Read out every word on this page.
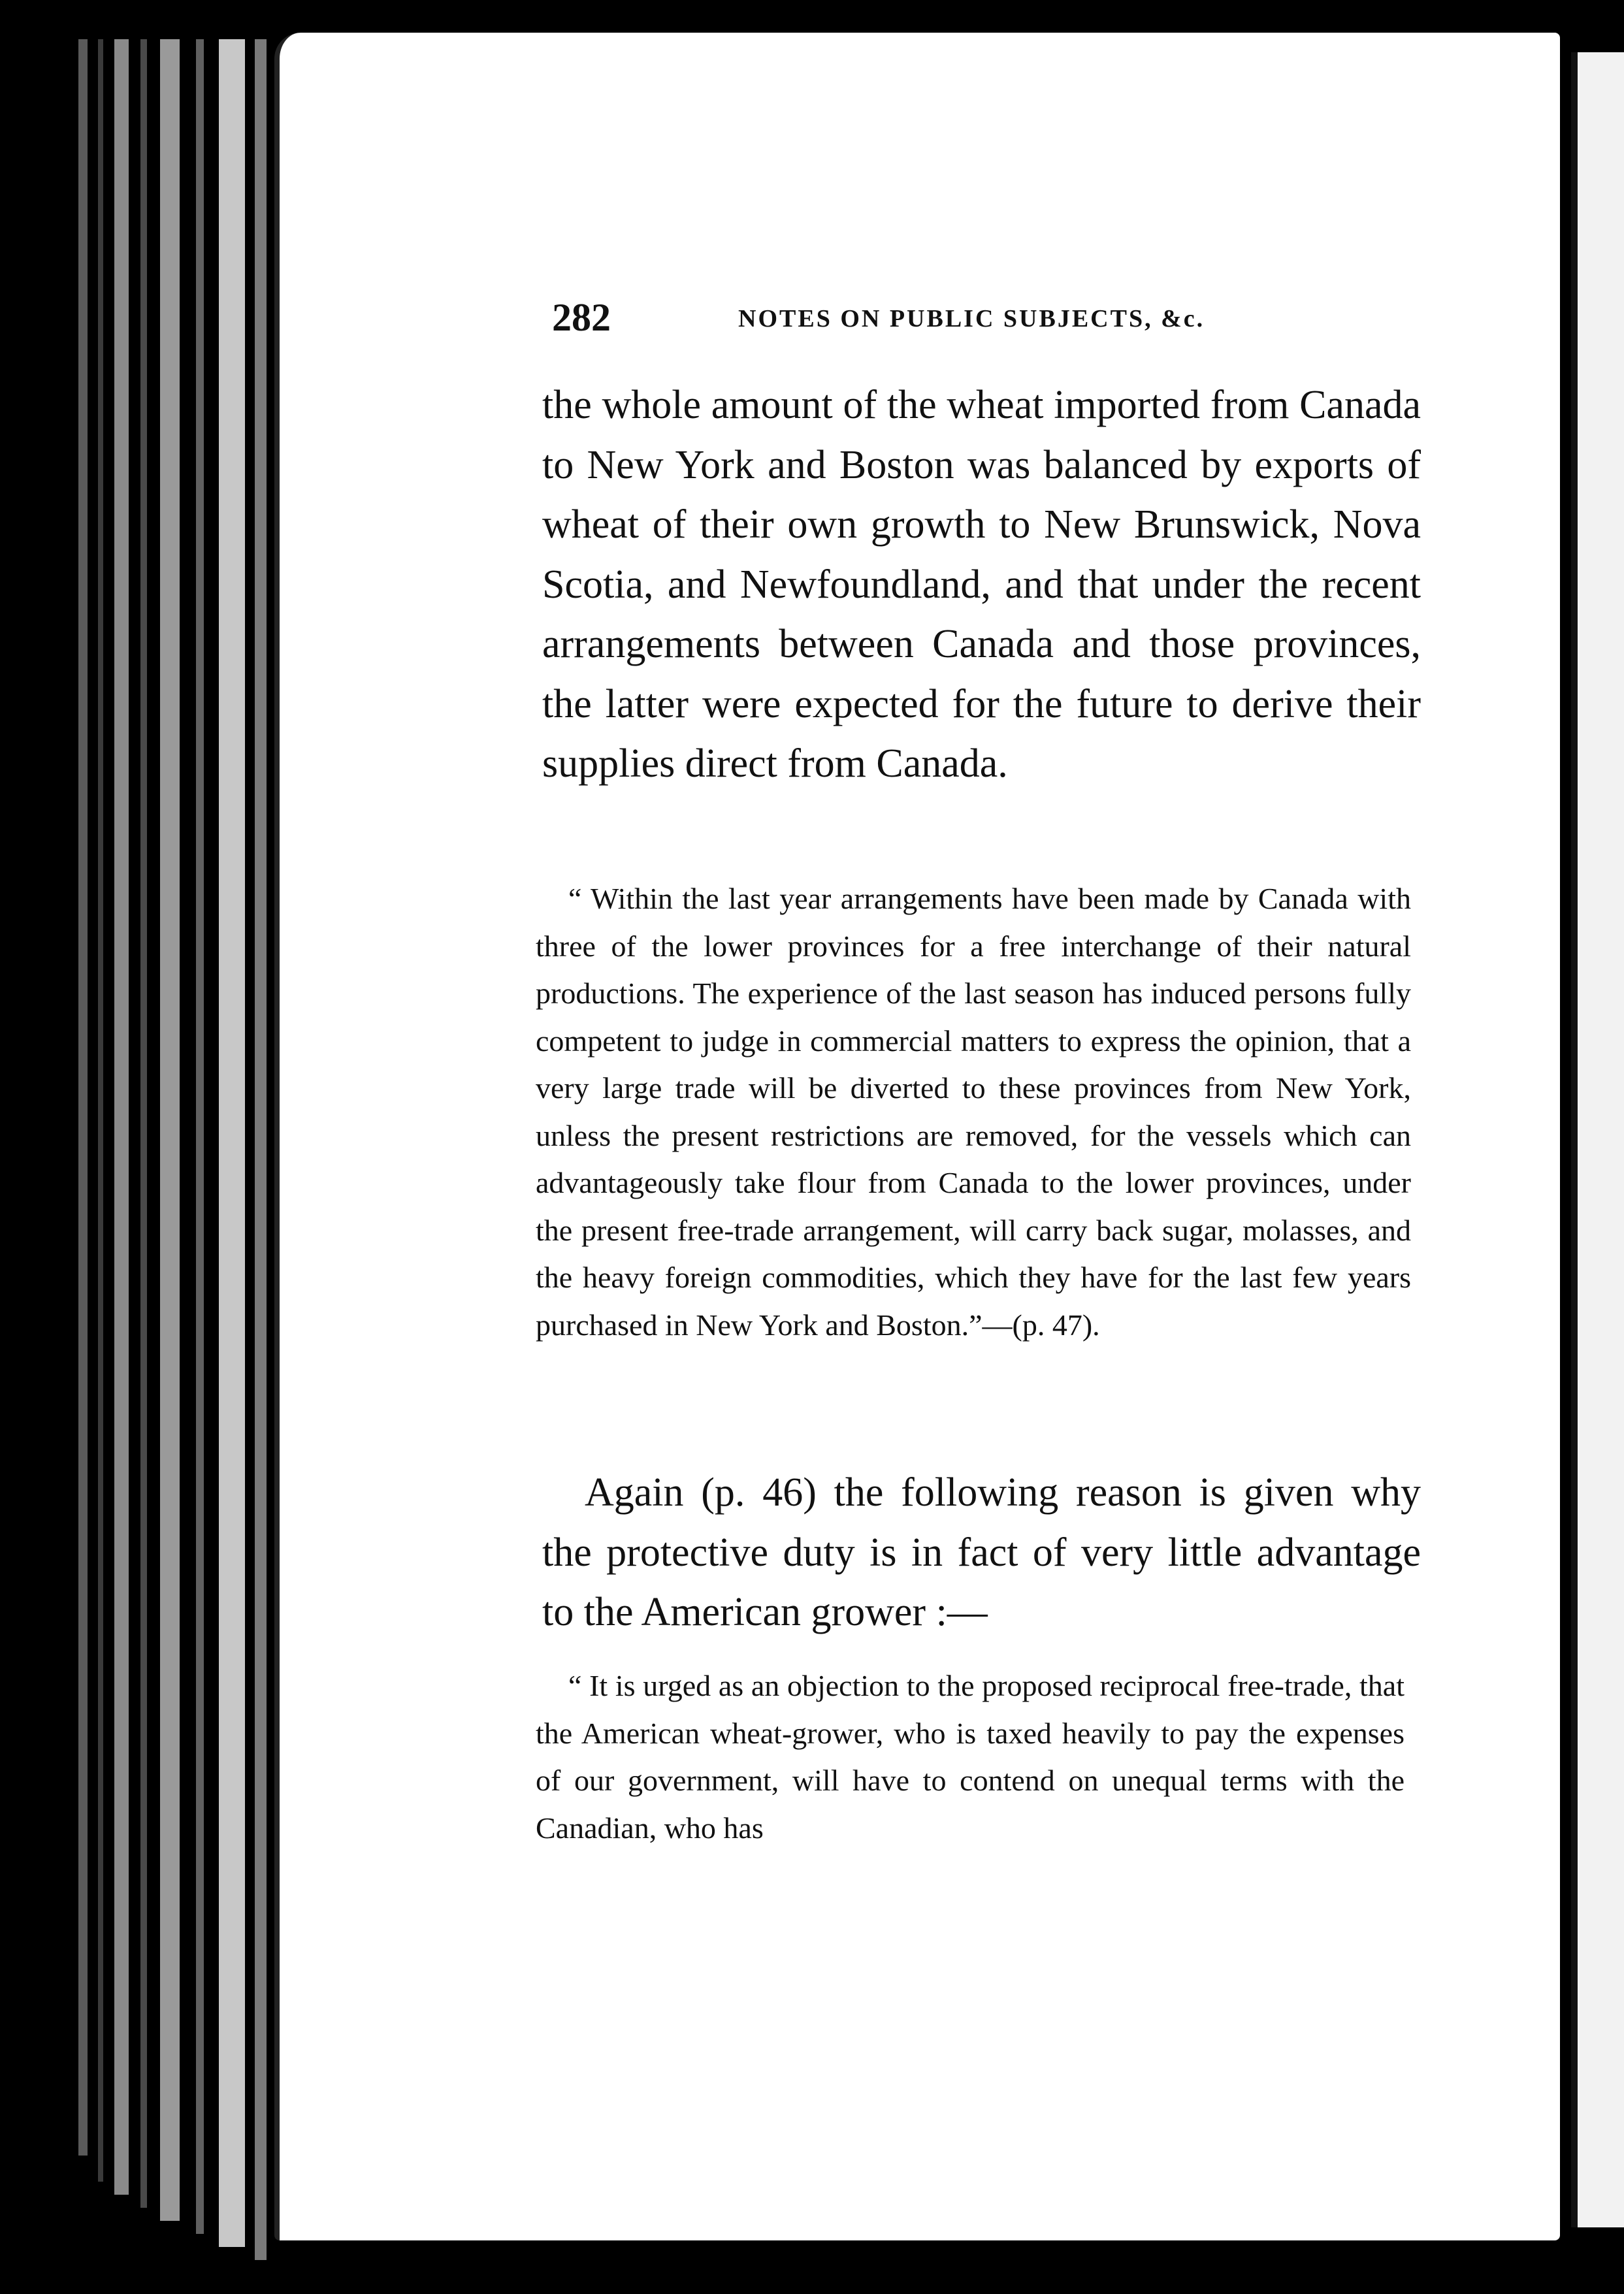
282	NOTES ON PUBLIC SUBJECTS, &c.

the whole amount of the wheat imported from Canada to New York and Boston was balanced by exports of wheat of their own growth to New Brunswick, Nova Scotia, and Newfoundland, and that under the recent arrangements between Canada and those provinces, the latter were expected for the future to derive their supplies direct from Canada.

“ Within the last year arrangements have been made by Canada with three of the lower provinces for a free interchange of their natural productions. The experience of the last season has induced persons fully competent to judge in commercial matters to express the opinion, that a very large trade will be diverted to these provinces from New York, unless the present restrictions are removed, for the vessels which can advantageously take flour from Canada to the lower provinces, under the present free-trade arrangement, will carry back sugar, molasses, and the heavy foreign commodities, which they have for the last few years purchased in New York and Boston.”—(p. 47).

Again (p. 46) the following reason is given why the protective duty is in fact of very little advantage to the American grower :—

“ It is urged as an objection to the proposed reciprocal free-trade, that the American wheat-grower, who is taxed heavily to pay the expenses of our government, will have to contend on unequal terms with the Canadian, who has
